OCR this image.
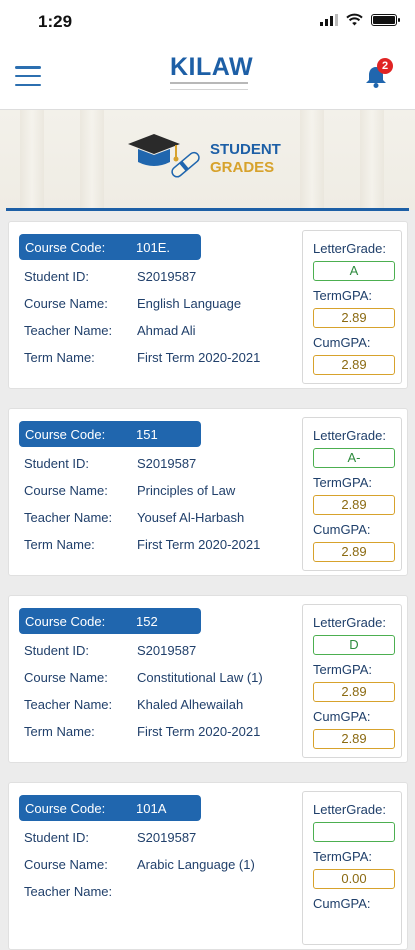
1:29
KILAW	2
STUDENT
GRADES
Course Code: 101E.
Student ID:	S2019587
Course Name: English Language
Teacher Name: Ahmad Ali
Term Name:	First Term 2020-2021
LetterGrade:
A
TermGPA:
2.89
CumGPA:
2.89
Course Code: 151
Student ID:	S2019587
Course Name: Principles of Law
Teacher Name: Yousef Al-Harbash
Term Name:	First Term 2020-2021
LetterGrade:
A-
TermGPA:
2.89
CumGPA:
2.89
Course Code: 152
Student ID:	S2019587
Course Name: Constitutional Law (1)
Teacher Name: Khaled Alhewailah
Term Name:	First Term 2020-2021
LetterGrade:
D
TermGPA:
2.89
CumGPA:
2.89
Course Code: 101A
Student ID:	S2019587
Course Name: Arabic Language (1)
Teacher Name:
LetterGrade:
TermGPA:
0.00
CumGPA:
